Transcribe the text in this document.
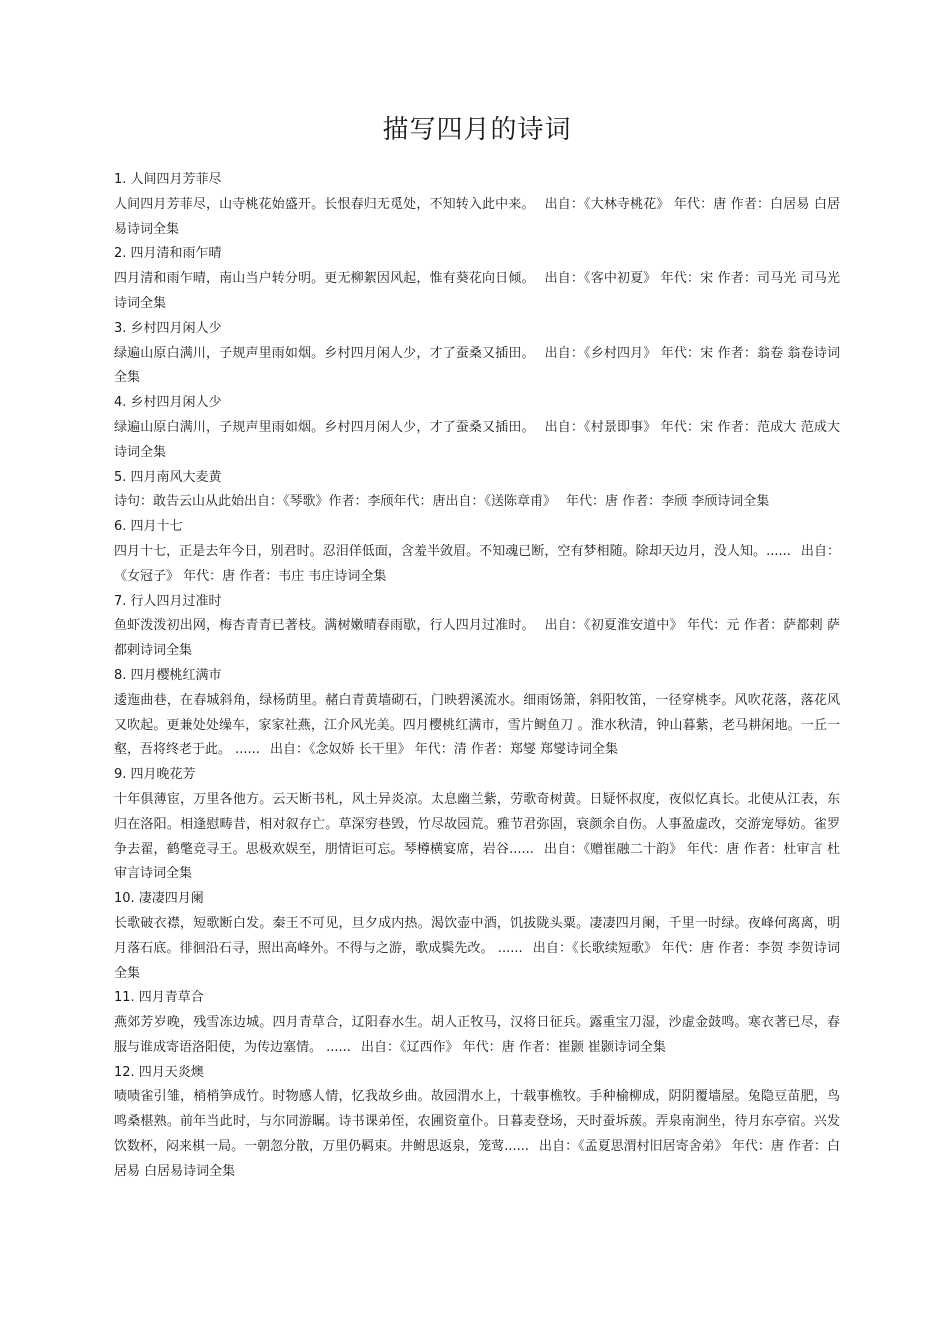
描写四月的诗词
1. 人间四月芳菲尽
人间四月芳菲尽，山寺桃花始盛开。长恨春归无觅处，不知转入此中来。 出自：《大林寺桃花》 年代：唐 作者：白居易 白居易诗词全集
2. 四月清和雨乍晴
四月清和雨乍晴，南山当户转分明。更无柳絮因风起，惟有葵花向日倾。 出自：《客中初夏》 年代：宋 作者：司马光 司马光诗词全集
3. 乡村四月闲人少
绿遍山原白满川，子规声里雨如烟。乡村四月闲人少，才了蚕桑又插田。 出自：《乡村四月》 年代：宋 作者：翁卷 翁卷诗词全集
4. 乡村四月闲人少
绿遍山原白满川，子规声里雨如烟。乡村四月闲人少，才了蚕桑又插田。 出自：《村景即事》 年代：宋 作者：范成大 范成大诗词全集
5. 四月南风大麦黄
诗句：敢告云山从此始出自：《琴歌》作者：李颀年代：唐出自：《送陈章甫》 年代：唐 作者：李颀 李颀诗词全集
6. 四月十七
四月十七，正是去年今日，别君时。忍泪佯低面，含羞半敛眉。不知魂已断，空有梦相随。除却天边月，没人知。...... 出自：《女冠子》 年代：唐 作者：韦庄 韦庄诗词全集
7. 行人四月过准时
鱼虾泼泼初出网，梅杏青青已著枝。满树嫩晴春雨歇，行人四月过准时。 出自：《初夏淮安道中》 年代：元 作者：萨都剌 萨都剌诗词全集
8. 四月樱桃红满市
逶迤曲巷，在春城斜角，绿杨荫里。赭白青黄墙砌石，门映碧溪流水。细雨饧箫，斜阳牧笛，一径穿桃李。风吹花落，落花风又吹起。更兼处处缲车，家家社燕，江介风光美。四月樱桃红满市，雪片鲥鱼刀 。淮水秋清，钟山暮紫，老马耕闲地。一丘一壑，吾将终老于此。 ...... 出自：《念奴娇 长干里》 年代：清 作者：郑燮 郑燮诗词全集
9. 四月晚花芳
十年俱薄宦，万里各他方。云天断书札，风土异炎凉。太息幽兰紫，劳歌奇树黄。日疑怀叔度，夜似忆真长。北使从江表，东归在洛阳。相逢慰畴昔，相对叙存亡。草深穷巷毁，竹尽故园荒。雅节君弥固，衰颜余自伤。人事盈虚改，交游宠辱妨。雀罗争去翟，鹤氅竞寻王。思极欢娱至，朋情讵可忘。琴樽横宴席，岩谷...... 出自：《赠崔融二十韵》 年代：唐 作者：杜审言 杜审言诗词全集
10. 凄凄四月阑
长歌破衣襟，短歌断白发。秦王不可见，旦夕成内热。渴饮壶中酒，饥拔陇头粟。凄凄四月阑，千里一时绿。夜峰何离离，明月落石底。徘徊沿石寻，照出高峰外。不得与之游，歌成鬓先改。 ...... 出自：《长歌续短歌》 年代：唐 作者：李贺 李贺诗词全集
11. 四月青草合
燕郊芳岁晚，残雪冻边城。四月青草合，辽阳春水生。胡人正牧马，汉将日征兵。露重宝刀湿，沙虚金鼓鸣。寒衣著已尽，春服与谁成寄语洛阳使，为传边塞情。 ...... 出自：《辽西作》 年代：唐 作者：崔颢 崔颢诗词全集
12. 四月天炎燠
啧啧雀引雏，梢梢笋成竹。时物感人情，忆我故乡曲。故园渭水上，十载事樵牧。手种榆柳成，阴阴覆墙屋。兔隐豆苗肥，鸟鸣桑椹熟。前年当此时，与尔同游瞩。诗书课弟侄，农圃资童仆。日暮麦登场，天时蚕坼蔟。弄泉南涧坐，待月东亭宿。兴发饮数杯，闷来棋一局。一朝忽分散，万里仍羁束。井鲋思返泉，笼莺...... 出自：《孟夏思渭村旧居寄舍弟》 年代：唐 作者：白居易 白居易诗词全集
